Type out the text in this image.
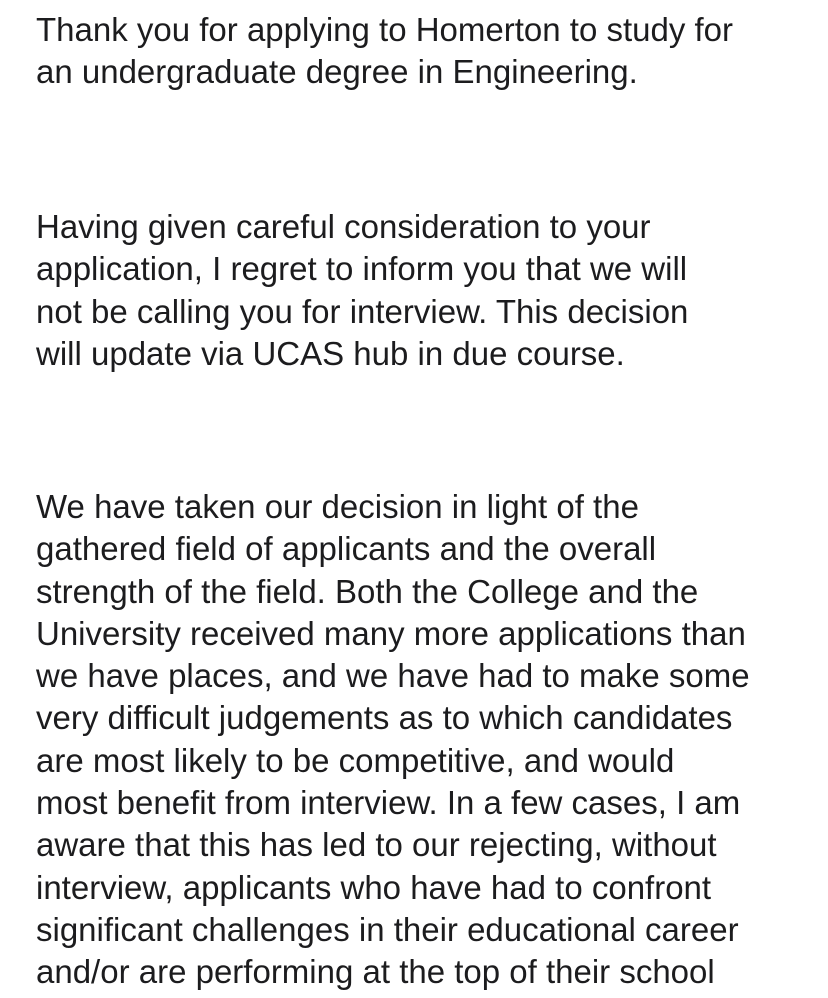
Thank you for applying to Homerton to study for
an undergraduate degree in Engineering.

Having given careful consideration to your
application, I regret to inform you that we will
not be calling you for interview. This decision
will update via UCAS hub in due course.

We have taken our decision in light of the
gathered field of applicants and the overall
strength of the field. Both the College and the
University received many more applications than
we have places, and we have had to make some
very difficult judgements as to which candidates
are most likely to be competitive, and would
most benefit from interview. In a few cases, I am
aware that this has led to our rejecting, without
interview, applicants who have had to confront
significant challenges in their educational career
and/or are performing at the top of their school
